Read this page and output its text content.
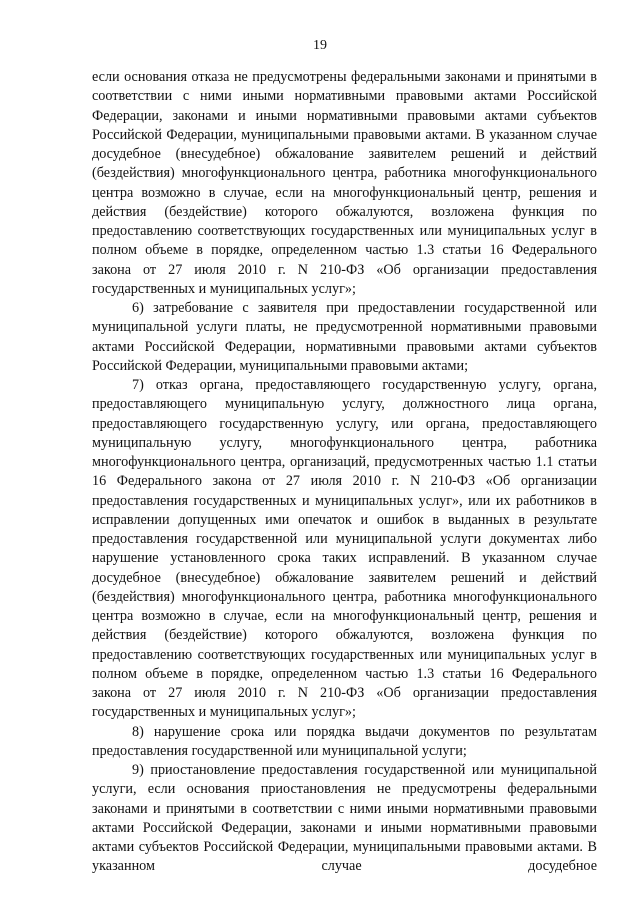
19

если основания отказа не предусмотрены федеральными законами и принятыми в соответствии с ними иными нормативными правовыми актами Российской Федерации, законами и иными нормативными правовыми актами субъектов Российской Федерации, муниципальными правовыми актами. В указанном случае досудебное (внесудебное) обжалование заявителем решений и действий (бездействия) многофункционального центра, работника многофункционального центра возможно в случае, если на многофункциональный центр, решения и действия (бездействие) которого обжалуются, возложена функция по предоставлению соответствующих государственных или муниципальных услуг в полном объеме в порядке, определенном частью 1.3 статьи 16 Федерального закона от 27 июля 2010 г. N 210-ФЗ «Об организации предоставления государственных и муниципальных услуг»;

6) затребование с заявителя при предоставлении государственной или муниципальной услуги платы, не предусмотренной нормативными правовыми актами Российской Федерации, нормативными правовыми актами субъектов Российской Федерации, муниципальными правовыми актами;

7) отказ органа, предоставляющего государственную услугу, органа, предоставляющего муниципальную услугу, должностного лица органа, предоставляющего государственную услугу, или органа, предоставляющего муниципальную услугу, многофункционального центра, работника многофункционального центра, организаций, предусмотренных частью 1.1 статьи 16 Федерального закона от 27 июля 2010 г. N 210-ФЗ «Об организации предоставления государственных и муниципальных услуг», или их работников в исправлении допущенных ими опечаток и ошибок в выданных в результате предоставления государственной или муниципальной услуги документах либо нарушение установленного срока таких исправлений. В указанном случае досудебное (внесудебное) обжалование заявителем решений и действий (бездействия) многофункционального центра, работника многофункционального центра возможно в случае, если на многофункциональный центр, решения и действия (бездействие) которого обжалуются, возложена функция по предоставлению соответствующих государственных или муниципальных услуг в полном объеме в порядке, определенном частью 1.3 статьи 16 Федерального закона от 27 июля 2010 г. N 210-ФЗ «Об организации предоставления государственных и муниципальных услуг»;

8) нарушение срока или порядка выдачи документов по результатам предоставления государственной или муниципальной услуги;

9) приостановление предоставления государственной или муниципальной услуги, если основания приостановления не предусмотрены федеральными законами и принятыми в соответствии с ними иными нормативными правовыми актами Российской Федерации, законами и иными нормативными правовыми актами субъектов Российской Федерации, муниципальными правовыми актами. В указанном случае досудебное
